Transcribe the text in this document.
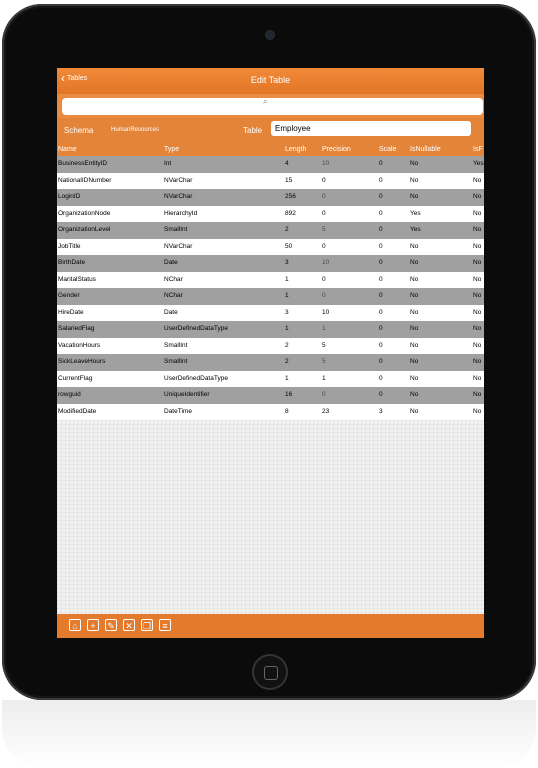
‹ Tables	Edit Table
⌕
Schema	HumanResources	Table	Employee
Name	Type	Length	Precision	Scale	IsNullable	IsF
BusinessEntityID	Int	4	10	0	No	Yes
NationalIDNumber	NVarChar	15	0	0	No	No
LoginID	NVarChar	256	0	0	No	No
OrganizationNode	HierarchyId	892	0	0	Yes	No
OrganizationLevel	SmallInt	2	5	0	Yes	No
JobTitle	NVarChar	50	0	0	No	No
BirthDate	Date	3	10	0	No	No
MaritalStatus	NChar	1	0	0	No	No
Gender	NChar	1	0	0	No	No
HireDate	Date	3	10	0	No	No
SalariedFlag	UserDefinedDataType	1	1	0	No	No
VacationHours	SmallInt	2	5	0	No	No
SickLeaveHours	SmallInt	2	5	0	No	No
CurrentFlag	UserDefinedDataType	1	1	0	No	No
rowguid	UniqueIdentifier	16	0	0	No	No
ModifiedDate	DateTime	8	23	3	No	No
⌂	+	✎ ✕ ❐	≡
